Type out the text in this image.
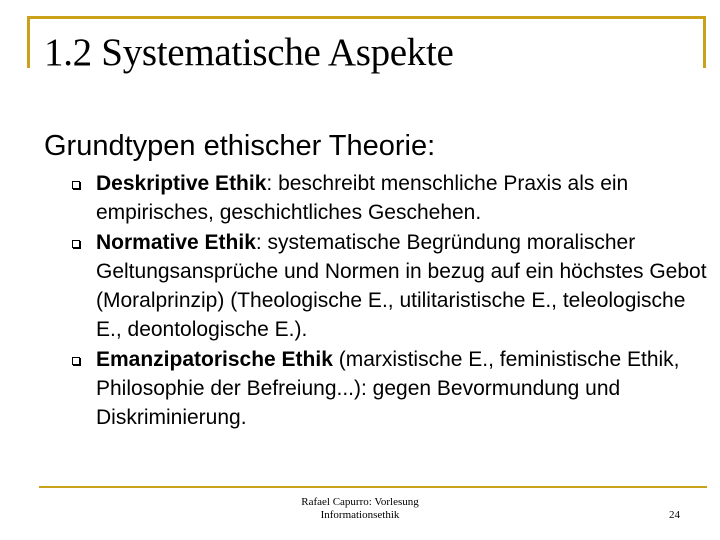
1.2 Systematische Aspekte
Grundtypen ethischer Theorie:
Deskriptive Ethik: beschreibt menschliche Praxis als ein empirisches, geschichtliches Geschehen.
Normative Ethik: systematische Begründung moralischer Geltungsansprüche und Normen in bezug auf ein höchstes Gebot (Moralprinzip) (Theologische E., utilitaristische E., teleologische E., deontologische E.).
Emanzipatorische Ethik (marxistische E., feministische Ethik, Philosophie der Befreiung...): gegen Bevormundung und Diskriminierung.
Rafael Capurro: Vorlesung
Informationsethik	24
